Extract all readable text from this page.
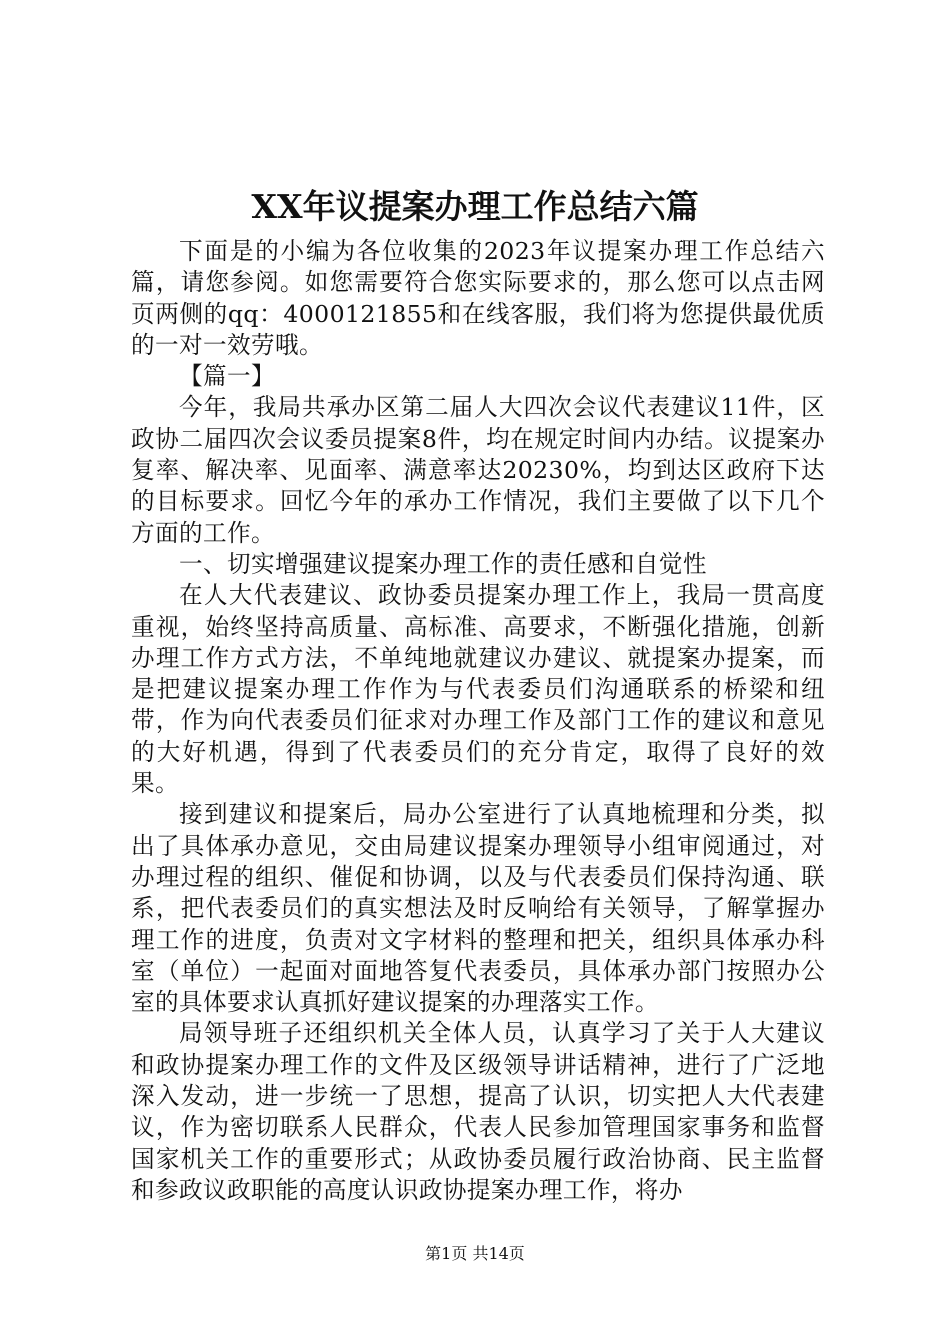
XX年议提案办理工作总结六篇

下面是的小编为各位收集的2023年议提案办理工作总结六篇，请您参阅。如您需要符合您实际要求的，那么您可以点击网页两侧的qq：4000121855和在线客服，我们将为您提供最优质的一对一效劳哦。

【篇一】

今年，我局共承办区第二届人大四次会议代表建议11件，区政协二届四次会议委员提案8件，均在规定时间内办结。议提案办复率、解决率、见面率、满意率达20230%，均到达区政府下达的目标要求。回忆今年的承办工作情况，我们主要做了以下几个方面的工作。

一、切实增强建议提案办理工作的责任感和自觉性

在人大代表建议、政协委员提案办理工作上，我局一贯高度重视，始终坚持高质量、高标准、高要求，不断强化措施，创新办理工作方式方法，不单纯地就建议办建议、就提案办提案，而是把建议提案办理工作作为与代表委员们沟通联系的桥梁和纽带，作为向代表委员们征求对办理工作及部门工作的建议和意见的大好机遇，得到了代表委员们的充分肯定，取得了良好的效果。

接到建议和提案后，局办公室进行了认真地梳理和分类，拟出了具体承办意见，交由局建议提案办理领导小组审阅通过，对办理过程的组织、催促和协调，以及与代表委员们保持沟通、联系，把代表委员们的真实想法及时反响给有关领导，了解掌握办理工作的进度，负责对文字材料的整理和把关，组织具体承办科室（单位）一起面对面地答复代表委员，具体承办部门按照办公室的具体要求认真抓好建议提案的办理落实工作。

局领导班子还组织机关全体人员，认真学习了关于人大建议和政协提案办理工作的文件及区级领导讲话精神，进行了广泛地深入发动，进一步统一了思想，提高了认识，切实把人大代表建议，作为密切联系人民群众，代表人民参加管理国家事务和监督国家机关工作的重要形式；从政协委员履行政治协商、民主监督和参政议政职能的高度认识政协提案办理工作，将办

第1页 共14页
